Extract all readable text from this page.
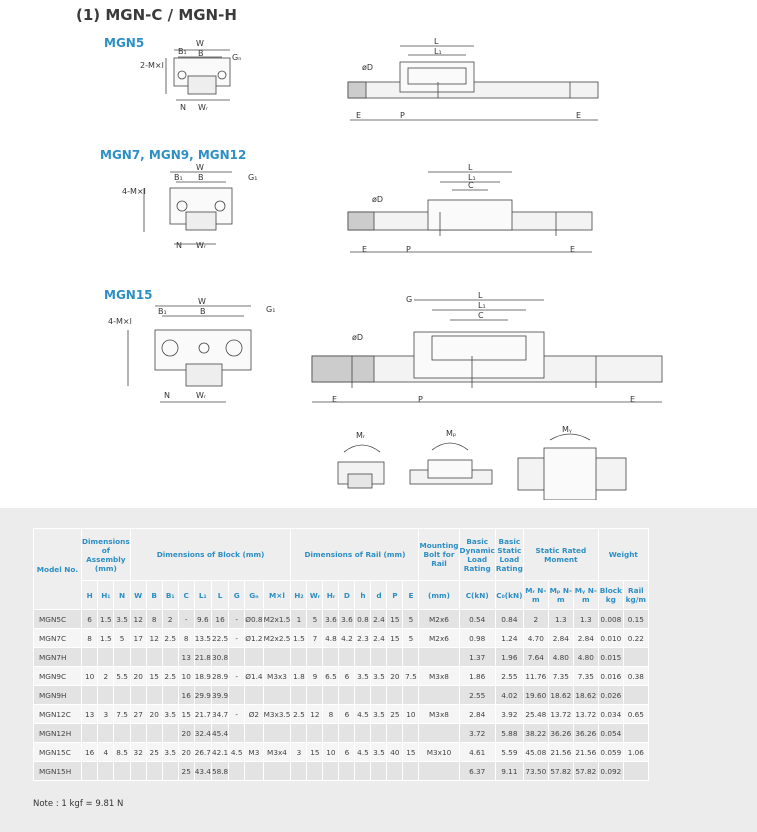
(1) MGN-C / MGN-H
MGN5
MGN7, MGN9, MGN12
MGN15
W
B
B₁
Gₙ
2-M×l
N Wᵣ
L
L₁
øD
E	P	E
W
B
B₁	G₁
4-M×l
N Wᵣ
L
L₁
C
øD
E	P	E
W
B
B₁	G₁
4-M×l
N	Wᵣ
G	L
L₁
C
øD
E	P	E
Mᵣ	Mₚ	Mᵧ
Model No.	Dimensions of Assembly (mm)			Dimensions of Block (mm)									Dimensions of Rail (mm)								Mounting Bolt for Rail	Basic Dynamic Load Rating	Basic Static Load Rating	Static Rated Moment			Weight	
	H	H₁	N	W	B	B₁	C	L₁	L	G	Gₙ	M×l	H₂	Wᵣ	Hᵣ	D	h	d	P	E	(mm)	C(kN)	C₀(kN)	Mᵣ N-m	Mₚ N-m	Mᵧ N-m	Block kg	Rail kg/m
MGN5C	6	1.5	3.5	12	8	2	-	9.6	16	-	Ø0.8	M2x1.5	1	5	3.6	3.6	0.8	2.4	15	5	M2x6	0.54	0.84	2	1.3	1.3	0.008	0.15
MGN7C	8	1.5	5	17	12	2.5	8	13.5	22.5	-	Ø1.2	M2x2.5	1.5	7	4.8	4.2	2.3	2.4	15	5	M2x6	0.98	1.24	4.70	2.84	2.84	0.010	0.22
MGN7H							13	21.8	30.8													1.37	1.96	7.64	4.80	4.80	0.015	
MGN9C	10	2	5.5	20	15	2.5	10	18.9	28.9	-	Ø1.4	M3x3	1.8	9	6.5	6	3.5	3.5	20	7.5	M3x8	1.86	2.55	11.76	7.35	7.35	0.016	0.38
MGN9H							16	29.9	39.9													2.55	4.02	19.60	18.62	18.62	0.026	
MGN12C	13	3	7.5	27	20	3.5	15	21.7	34.7	-	Ø2	M3x3.5	2.5	12	8	6	4.5	3.5	25	10	M3x8	2.84	3.92	25.48	13.72	13.72	0.034	0.65
MGN12H							20	32.4	45.4													3.72	5.88	38.22	36.26	36.26	0.054	
MGN15C	16	4	8.5	32	25	3.5	20	26.7	42.1	4.5	M3	M3x4	3	15	10	6	4.5	3.5	40	15	M3x10	4.61	5.59	45.08	21.56	21.56	0.059	1.06
MGN15H							25	43.4	58.8													6.37	9.11	73.50	57.82	57.82	0.092	
Note : 1 kgf = 9.81 N
